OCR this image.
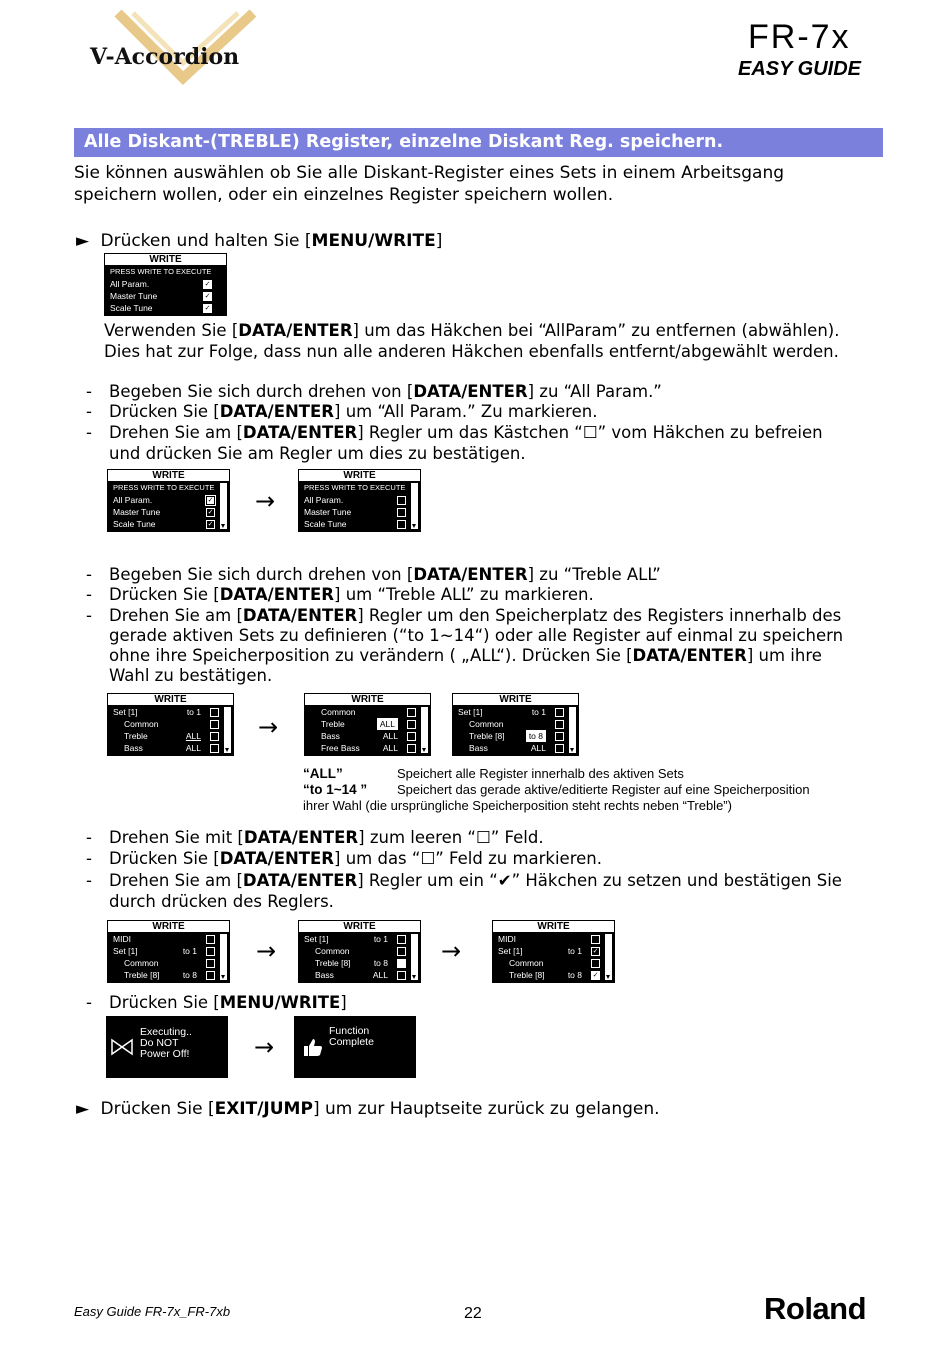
V-Accordion
FR-7x
EASY GUIDE
Alle Diskant-(TREBLE) Register, einzelne Diskant Reg. speichern.
Sie können auswählen ob Sie alle Diskant-Register eines Sets in einem Arbeitsgang
speichern wollen, oder ein einzelnes Register speichern wollen.
► Drücken und halten Sie [MENU/WRITE]
WRITE
PRESS WRITE TO EXECUTE
All Param.	✓
Master Tune	✓
Scale Tune	✓
Verwenden Sie [DATA/ENTER] um das Häkchen bei “AllParam” zu entfernen (abwählen).
Dies hat zur Folge, dass nun alle anderen Häkchen ebenfalls entfernt/abgewählt werden.
- Begeben Sie sich durch drehen von [DATA/ENTER] zu “All Param.”
- Drücken Sie [DATA/ENTER] um “All Param.” Zu markieren.
- Drehen Sie am [DATA/ENTER] Regler um das Kästchen “☐” vom Häkchen zu befreien
und drücken Sie am Regler um dies zu bestätigen.
WRITE
PRESS WRITE TO EXECUTE
All Param.	✓
Master Tune	✓
Scale Tune	✓
→
WRITE
PRESS WRITE TO EXECUTE
All Param.
Master Tune
Scale Tune
- Begeben Sie sich durch drehen von [DATA/ENTER] zu “Treble ALL”
- Drücken Sie [DATA/ENTER] um “Treble ALL” zu markieren.
- Drehen Sie am [DATA/ENTER] Regler um den Speicherplatz des Registers innerhalb des
gerade aktiven Sets zu definieren (“to 1~14“) oder alle Register auf einmal zu speichern
ohne ihre Speicherposition zu verändern ( „ALL“). Drücken Sie [DATA/ENTER] um ihre
Wahl zu bestätigen.
WRITE
Set [1]	to 1
Common
Treble	ALL
Bass	ALL
→
WRITE
Common
Treble	ALL
Bass	ALL
Free Bass	ALL
WRITE
Set [1]	to 1
Common
Treble [8]	to 8
Bass	ALL
“ALL”	Speichert alle Register innerhalb des aktiven Sets
“to 1~14 ” Speichert das gerade aktive/editierte Register auf eine Speicherposition
ihrer Wahl (die ursprüngliche Speicherposition steht rechts neben “Treble”)
- Drehen Sie mit [DATA/ENTER] zum leeren “☐” Feld.
- Drücken Sie [DATA/ENTER] um das “☐” Feld zu markieren.
- Drehen Sie am [DATA/ENTER] Regler um ein “✔” Häkchen zu setzen und bestätigen Sie
durch drücken des Reglers.
WRITE
MIDI
Set [1]	to 1
Common
Treble [8]	to 8
→
WRITE
Set [1]	to 1
Common
Treble [8]	to 8
Bass	ALL
→
WRITE
MIDI
Set [1]	to 1 ✓
Common
Treble [8]	to 8 ✓
- Drücken Sie [MENU/WRITE]
Executing..
Do NOT
Power Off!	→
Function
Complete
► Drücken Sie [EXIT/JUMP] um zur Hauptseite zurück zu gelangen.
Easy Guide FR-7x_FR-7xb	22	Roland
